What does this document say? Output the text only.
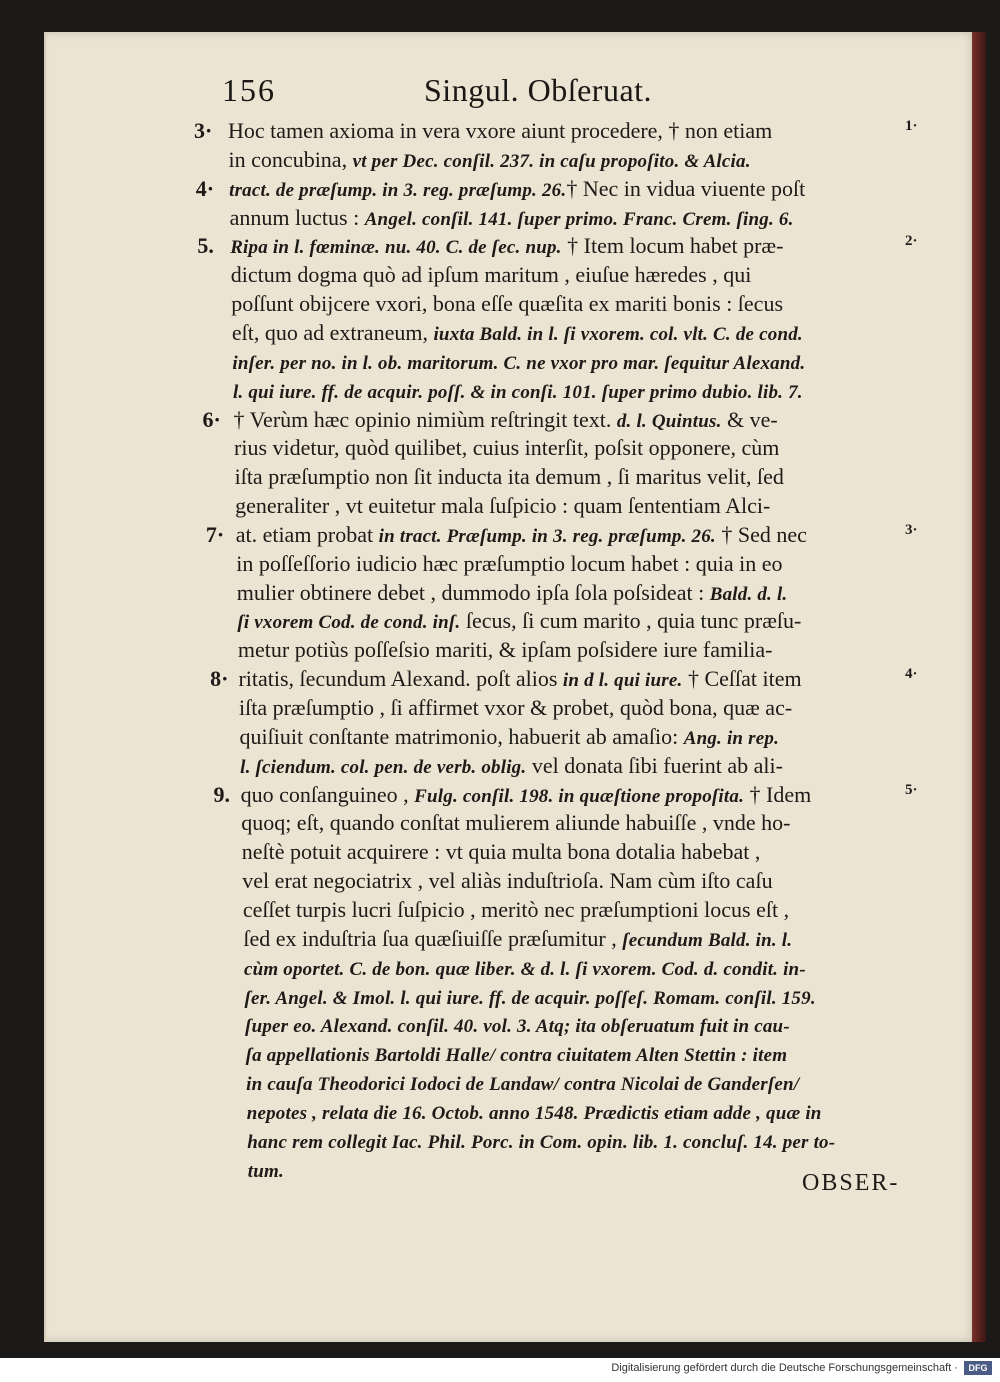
156	Singul. Obſeruat.
3· Hoc tamen axioma in vera vxore aiunt procedere, † non etiam	1·
in concubina, vt per Dec. conſil. 237. in caſu propoſito. & Alcia.
4· tract. de præſump. in 3. reg. præſump. 26.† Nec in vidua viuente poſt
annum luctus : Angel. conſil. 141. ſuper primo. Franc. Crem. ſing. 6.
5. Ripa in l. fœminæ. nu. 40. C. de ſec. nup. † Item locum habet præ-	2·
dictum dogma quò ad ipſum maritum , eiuſue hæredes , qui
poſſunt obijcere vxori, bona eſſe quæſita ex mariti bonis : ſecus
eſt, quo ad extraneum, iuxta Bald. in l. ſi vxorem. col. vlt. C. de cond.
inſer. per no. in l. ob. maritorum. C. ne vxor pro mar. ſequitur Alexand.
l. qui iure. ff. de acquir. poſſ. & in conſi. 101. ſuper primo dubio. lib. 7.
6· † Verùm hæc opinio nimiùm reſtringit text. d. l. Quintus. & ve-
rius videtur, quòd quilibet, cuius interſit, poſsit opponere, cùm
iſta præſumptio non ſit inducta ita demum , ſi maritus velit, ſed
generaliter , vt euitetur mala ſuſpicio : quam ſententiam Alci-
7· at. etiam probat in tract. Præſump. in 3. reg. præſump. 26. † Sed nec	3·
in poſſeſſorio iudicio hæc præſumptio locum habet : quia in eo
mulier obtinere debet , dummodo ipſa ſola poſsideat : Bald. d. l.
ſi vxorem Cod. de cond. inſ. ſecus, ſi cum marito , quia tunc præſu-
metur potiùs poſſeſsio mariti, & ipſam poſsidere iure familia-
8· ritatis, ſecundum Alexand. poſt alios in d l. qui iure. † Ceſſat item	4·
iſta præſumptio , ſi affirmet vxor & probet, quòd bona, quæ ac-
quiſiuit conſtante matrimonio, habuerit ab amaſio: Ang. in rep.
l. ſciendum. col. pen. de verb. oblig. vel donata ſibi fuerint ab ali-
9. quo conſanguineo , Fulg. conſil. 198. in quæſtione propoſita. † Idem	5·
quoq; eſt, quando conſtat mulierem aliunde habuiſſe , vnde ho-
neſtè potuit acquirere : vt quia multa bona dotalia habebat ,
vel erat negociatrix , vel aliàs induſtrioſa. Nam cùm iſto caſu
ceſſet turpis lucri ſuſpicio , meritò nec præſumptioni locus eſt ,
ſed ex induſtria ſua quæſiuiſſe præſumitur , ſecundum Bald. in. l.
cùm oportet. C. de bon. quæ liber. & d. l. ſi vxorem. Cod. d. condit. in-
ſer. Angel. & Imol. l. qui iure. ff. de acquir. poſſeſ. Romam. conſil. 159.
ſuper eo. Alexand. conſil. 40. vol. 3. Atq; ita obſeruatum fuit in cau-
ſa appellationis Bartoldi Halle/ contra ciuitatem Alten Stettin : item
in cauſa Theodorici Iodoci de Landaw/ contra Nicolai de Ganderſen/
nepotes , relata die 16. Octob. anno 1548. Prædictis etiam adde , quæ in
hanc rem collegit Iac. Phil. Porc. in Com. opin. lib. 1. concluſ. 14. per to-
tum.	OBSER-
Digitalisierung gefördert durch die Deutsche Forschungsgemeinschaft ·	DFG
